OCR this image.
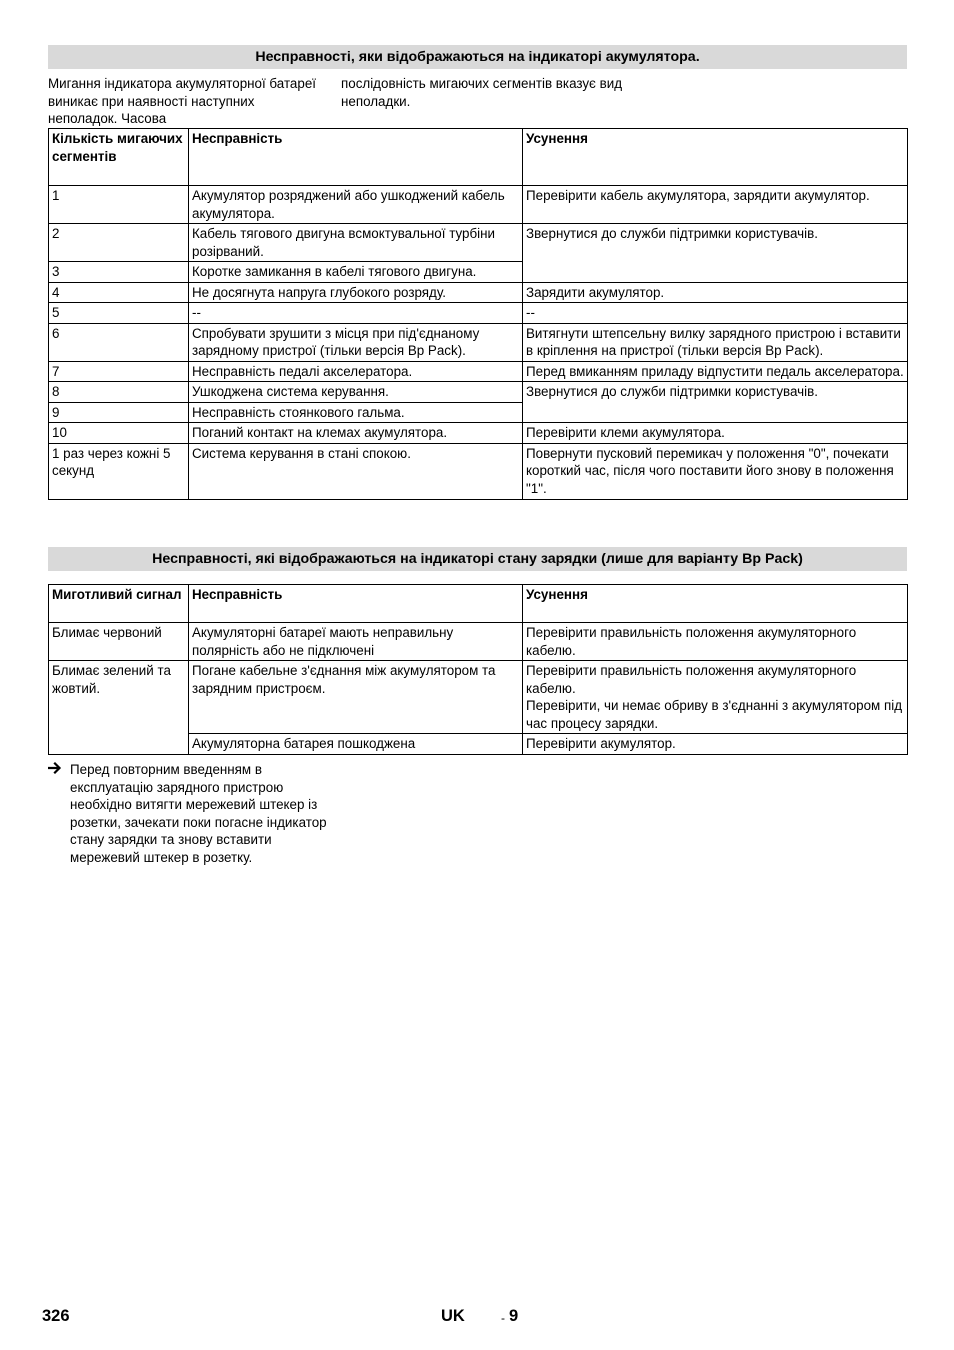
Несправності, яки відображаються на індикаторі акумулятора.
Мигання індикатора акумуляторної батареї виникає при наявності наступних неполадок. Часова
послідовність мигаючих сегментів вказує вид неполадки.
Кількість мигаючих сегментів	Несправність	Усунення
1	Акумулятор розряджений або ушкоджений кабель акумулятора.	Перевірити кабель акумулятора, зарядити акумулятор.
2	Кабель тягового двигуна всмоктувальної турбіни розірваний.	Звернутися до служби підтримки користувачів.
3	Коротке замикання в кабелі тягового двигуна.	
4	Не досягнута напруга глубокого розряду.	Зарядити акумулятор.
5	--	--
6	Спробувати зрушити з місця при під'єднаному зарядному пристрої (тільки версія Bp Pack).	Витягнути штепсельну вилку зарядного пристрою і вставити в кріплення на пристрої (тільки версія Bp Pack).
7	Несправність педалі акселератора.	Перед вмиканням приладу відпустити педаль акселератора.
8	Ушкоджена система керування.	Звернутися до служби підтримки користувачів.
9	Несправність стоянкового гальма.	
10	Поганий контакт на клемах акумулятора.	Перевірити клеми акумулятора.
1 раз через кожні 5 секунд	Система керування в стані спокою.	Повернути пусковий перемикач у положення "0", почекати короткий час, після чого поставити його знову в положення "1".
Несправності, які відображаються на індикаторі стану зарядки (лише для варіанту Bp Pack)
Миготливий сигнал	Несправність	Усунення
Блимає червоний	Акумуляторні батареї мають неправильну полярність або не підключені	Перевірити правильність положення акумуляторного кабелю.
Блимає зелений та жовтий.	Погане кабельне з'єднання між акумулятором та зарядним пристроєм.	Перевірити правильність положення акумуляторного кабелю.
Перевірити, чи немає обриву в з'єднанні з акумулятором під час процесу зарядки.

	Акумуляторна батарея пошкоджена	Перевірити акумулятор.
Перед повторним введенням в експлуатацію зарядного пристрою необхідно витягти мережевий штекер із розетки, зачекати поки погасне індикатор стану зарядки та знову вставити мережевий штекер в розетку.
326	UK	- 9
